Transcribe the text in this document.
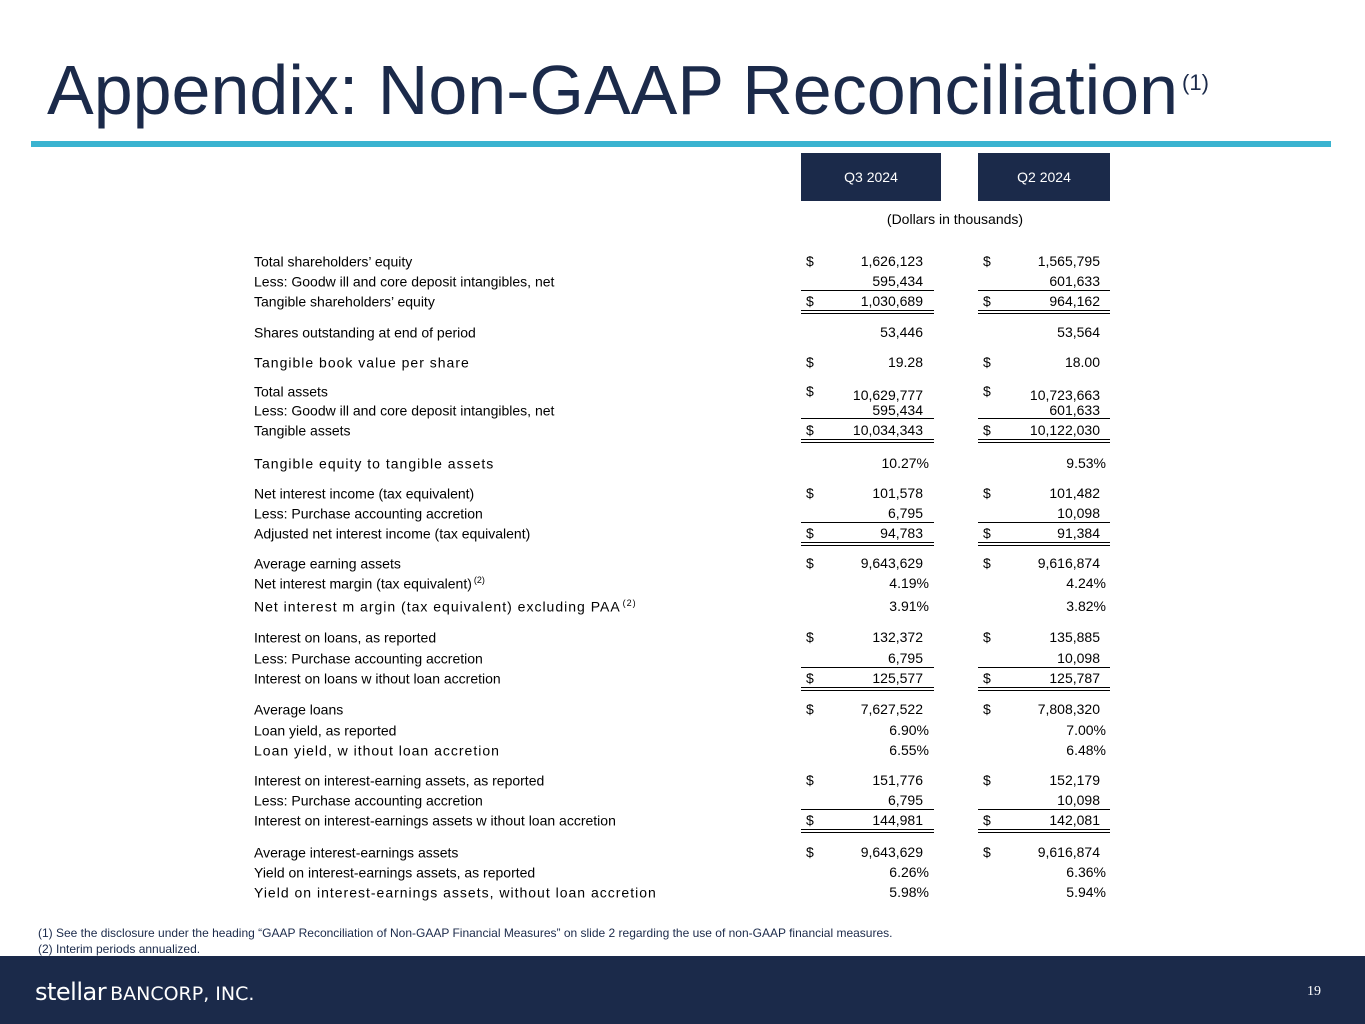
Appendix: Non-GAAP Reconciliation $^{(1)}$
Q3 2024	Q2 2024
(Dollars in thousands)
Total shareholders’ equity	$	1,626,123	$	1,565,795
Less: Goodw ill and core deposit intangibles, net	595,434	601,633
Tangible shareholders’ equity	$	1,030,689	$	964,162
Shares outstanding at end of period	53,446	53,564
Tangible book value per share	$	19.28	$	18.00
Total assets	$	10,629,777	$	10,723,663
Less: Goodw ill and core deposit intangibles, net	595,434	601,633
Tangible assets	$	10,034,343	$	10,122,030
Tangible equity to tangible assets	10.27%	9.53%
Net interest income (tax equivalent)	$	101,578	$	101,482
Less: Purchase accounting accretion	6,795	10,098
Adjusted net interest income (tax equivalent)	$	94,783	$	91,384
Average earning assets	$	9,643,629	$	9,616,874
Net interest margin (tax equivalent) $^{(2)}$	4.19%	4.24%
Net interest m argin (tax equivalent) excluding PAA $^{(2)}$	3.91%	3.82%
Interest on loans, as reported	$	132,372	$	135,885
Less: Purchase accounting accretion	6,795	10,098
Interest on loans w ithout loan accretion	$	125,577	$	125,787
Average loans	$	7,627,522	$	7,808,320
Loan yield, as reported	6.90%	7.00%
Loan yield, w ithout loan accretion	6.55%	6.48%
Interest on interest-earning assets, as reported	$	151,776	$	152,179
Less: Purchase accounting accretion	6,795	10,098
Interest on interest-earnings assets w ithout loan accretion	$	144,981	$	142,081
Average interest-earnings assets	$	9,643,629	$	9,616,874
Yield on interest-earnings assets, as reported	6.26%	6.36%
Yield on interest-earnings assets, without loan accretion	5.98%	5.94%
(1) See the disclosure under the heading “GAAP Reconciliation of Non-GAAP Financial Measures” on slide 2 regarding the use of non-GAAP financial measures.
(2) Interim periods annualized.
stellar BANCORP, INC.	19
